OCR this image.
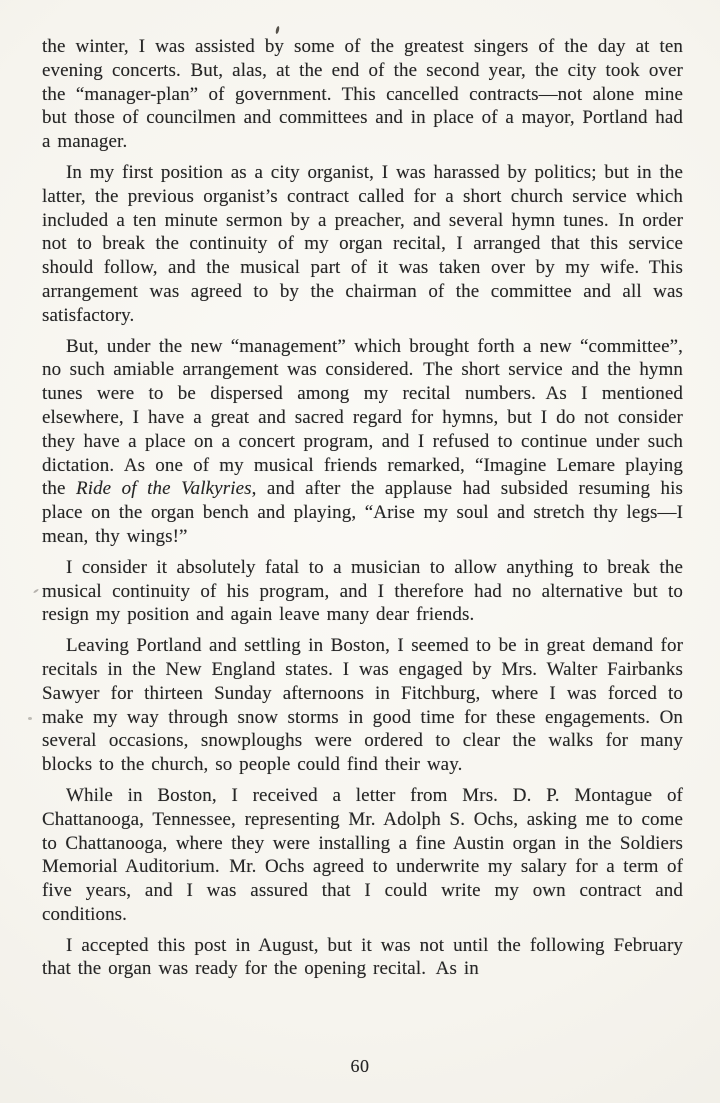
the winter, I was assisted by some of the greatest singers of the day at ten evening concerts. But, alas, at the end of the second year, the city took over the “manager-plan” of government. This cancelled contracts—not alone mine but those of councilmen and committees and in place of a mayor, Portland had a manager.

In my first position as a city organist, I was harassed by politics; but in the latter, the previous organist’s contract called for a short church service which included a ten minute sermon by a preacher, and several hymn tunes. In order not to break the continuity of my organ recital, I arranged that this service should follow, and the musical part of it was taken over by my wife. This arrangement was agreed to by the chairman of the committee and all was satisfactory.

But, under the new “management” which brought forth a new “committee”, no such amiable arrangement was considered. The short service and the hymn tunes were to be dispersed among my recital numbers. As I mentioned elsewhere, I have a great and sacred regard for hymns, but I do not consider they have a place on a concert program, and I refused to continue under such dictation. As one of my musical friends remarked, “Imagine Lemare playing the Ride of the Valkyries, and after the applause had subsided resuming his place on the organ bench and playing, “Arise my soul and stretch thy legs—I mean, thy wings!”

I consider it absolutely fatal to a musician to allow anything to break the musical continuity of his program, and I therefore had no alternative but to resign my position and again leave many dear friends.

Leaving Portland and settling in Boston, I seemed to be in great demand for recitals in the New England states. I was engaged by Mrs. Walter Fairbanks Sawyer for thirteen Sunday afternoons in Fitchburg, where I was forced to make my way through snow storms in good time for these engagements. On several occasions, snowploughs were ordered to clear the walks for many blocks to the church, so people could find their way.

While in Boston, I received a letter from Mrs. D. P. Montague of Chattanooga, Tennessee, representing Mr. Adolph S. Ochs, asking me to come to Chattanooga, where they were installing a fine Austin organ in the Soldiers Memorial Auditorium. Mr. Ochs agreed to underwrite my salary for a term of five years, and I was assured that I could write my own contract and conditions.

I accepted this post in August, but it was not until the following February that the organ was ready for the opening recital. As in

60
